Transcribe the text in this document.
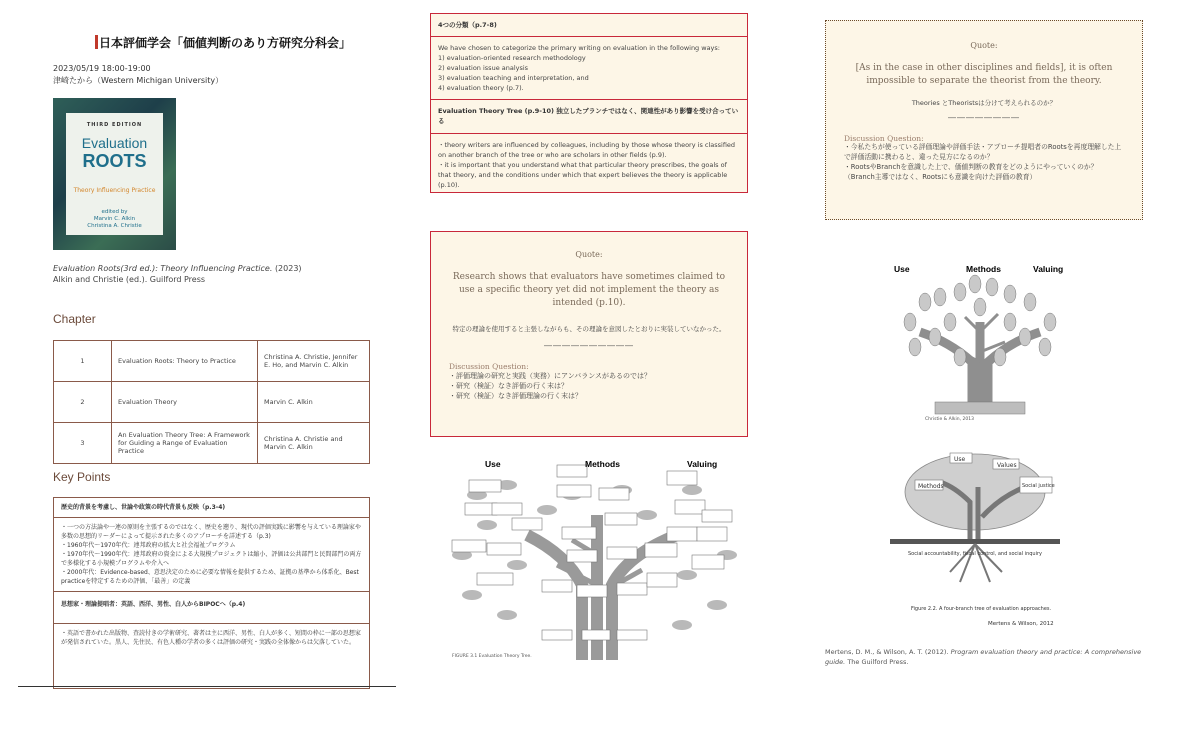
日本評価学会「価値判断のあり方研究分科会」
2023/05/19 18:00-19:00
津崎たから（Western Michigan University）
THIRD EDITION
Evaluation
ROOTS
Theory Influencing Practice
edited by
Marvin C. Alkin
Christina A. Christie
Evaluation Roots(3rd ed.): Theory Influencing Practice. (2023)
Alkin and Christie (ed.). Guilford Press
Chapter
1	Evaluation Roots: Theory to Practice	Christina A. Christie, Jennifer E. Ho, and Marvin C. Alkin
2	Evaluation Theory	Marvin C. Alkin
3	An Evaluation Theory Tree: A Framework for Guiding a Range of Evaluation Practice	Christina A. Christie and Marvin C. Alkin
Key Points
歴史的背景を考慮し、世論や政策の時代背景も反映（p.3-4)
・一つの方法論や一連の原則を主張するのではなく、歴史を遡り、現代の評価実践に影響を与えている理論家や多数の思想的リーダーによって提示された多くのアプローチを詳述する（p.3)
・1960年代〜1970年代：連邦政府の拡大と社会福祉プログラム
・1970年代〜1990年代：連邦政府の資金による大規模プロジェクトは縮小、評価は公共部門と民間部門の両方で多様化する小規模プログラムや介入へ
・2000年代：Evidence-based、意思決定のために必要な情報を提供するため、証拠の基準から体系化、Best practiceを特定するための評価、「最善」の定義
思想家・理論提唱者：英語、西洋、男性、白人からBIPOCへ（p.4)
・英語で書かれた出版物、査読付きの学術研究、著者は主に西洋、男性、白人が多く、短間の枠に一部の思想家が発信されていた。黒人、先住民、有色人種の学者の多くは評価の研究・実践の全体像からは欠落していた。
4つの分類（p.7-8)
We have chosen to categorize the primary writing on evaluation in the following ways:
1) evaluation-oriented research methodology
2) evaluation issue analysis
3) evaluation teaching and interpretation, and
4) evaluation theory (p.7).
Evaluation Theory Tree (p.9-10) 独立したブランチではなく、関連性があり影響を受け合っている
・theory writers are influenced by colleagues, including by those whose theory is classified on another branch of the tree or who are scholars in other fields (p.9).
・it is important that you understand what that particular theory prescribes, the goals of that theory, and the conditions under which that expert believes the theory is applicable (p.10).
Quote:
Research shows that evaluators have sometimes claimed to use a specific theory yet did not implement the theory as intended (p.10).
特定の理論を使用すると主張しながらも、その理論を意図したとおりに実装していなかった。
――――――――――
Discussion Question:
・評価理論の研究と実践（実務）にアンバランスがあるのでは？
・研究（検証）なき評価の行く末は？
・研究（検証）なき評価理論の行く末は？
Use	Methods	Valuing
FIGURE 3.1 Evaluation Theory Tree.
Quote:
[As in the case in other disciplines and fields], it is often impossible to separate the theorist from the theory.
Theories とTheoristsは分けて考えられるのか？
――――――――
Discussion Question:
・今私たちが使っている評価理論や評価手法・アプローチ提唱者のRootsを再度理解した上で評価活動に携わると、違った見方になるのか？
・RootsやBranchを意識した上で、価値判断の教育をどのようにやっていくのか？（Branch主導ではなく、Rootsにも意識を向けた評価の教育）
Use	Methods	Valuing
Christie & Alkin, 2013
Use
Values
Methods	Social justice
Social accountability, fiscal control, and social inquiry
Figure 2.2. A four-branch tree of evaluation approaches.
Mertens & Wilson, 2012
Mertens, D. M., & Wilson, A. T. (2012). Program evaluation theory and practice: A comprehensive guide. The Guilford Press.
